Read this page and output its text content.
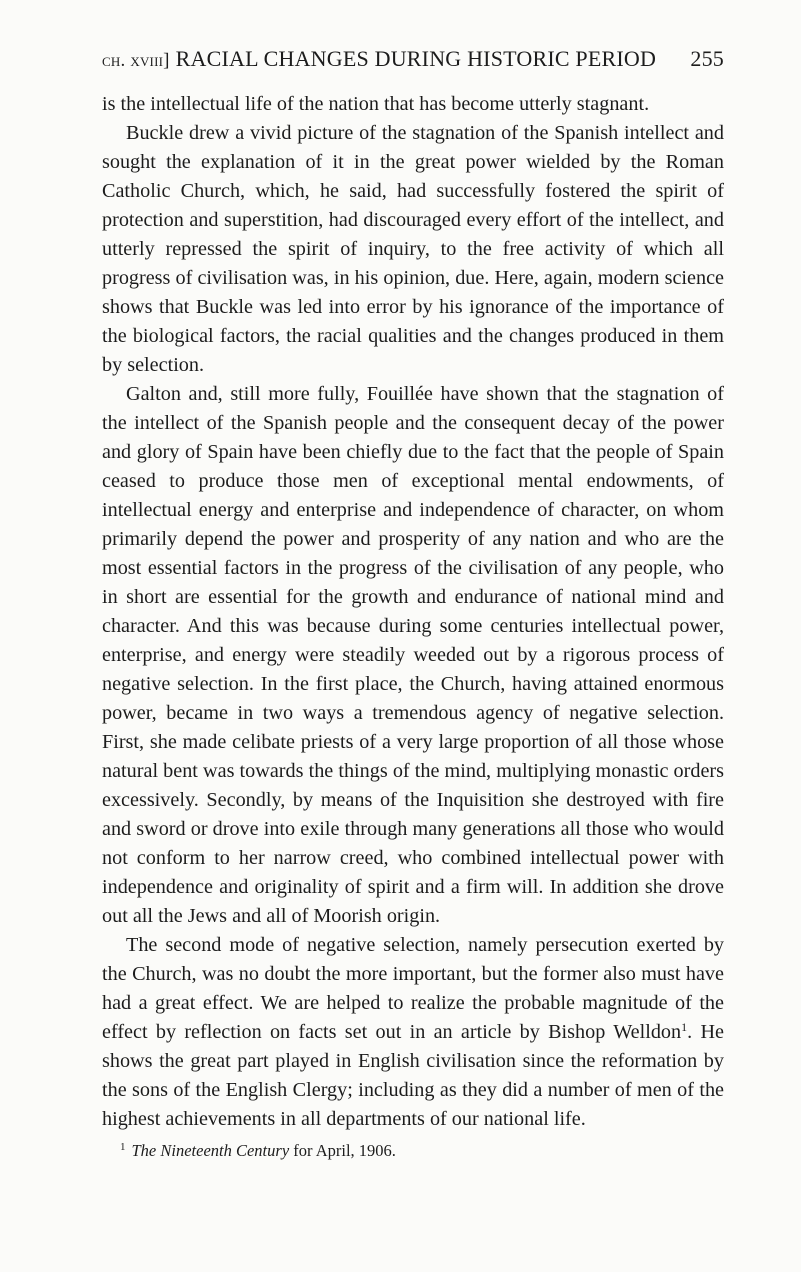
ch. xviii] RACIAL CHANGES DURING HISTORIC PERIOD	255

is the intellectual life of the nation that has become utterly stagnant.

Buckle drew a vivid picture of the stagnation of the Spanish intellect and sought the explanation of it in the great power wielded by the Roman Catholic Church, which, he said, had successfully fostered the spirit of protection and superstition, had discouraged every effort of the intellect, and utterly repressed the spirit of inquiry, to the free activity of which all progress of civilisation was, in his opinion, due. Here, again, modern science shows that Buckle was led into error by his ignorance of the importance of the biological factors, the racial qualities and the changes produced in them by selection.

Galton and, still more fully, Fouillée have shown that the stagnation of the intellect of the Spanish people and the consequent decay of the power and glory of Spain have been chiefly due to the fact that the people of Spain ceased to produce those men of exceptional mental endowments, of intellectual energy and enterprise and independence of character, on whom primarily depend the power and prosperity of any nation and who are the most essential factors in the progress of the civilisation of any people, who in short are essential for the growth and endurance of national mind and character. And this was because during some centuries intellectual power, enterprise, and energy were steadily weeded out by a rigorous process of negative selection. In the first place, the Church, having attained enormous power, became in two ways a tremendous agency of negative selection. First, she made celibate priests of a very large proportion of all those whose natural bent was towards the things of the mind, multiplying monastic orders excessively. Secondly, by means of the Inquisition she destroyed with fire and sword or drove into exile through many generations all those who would not conform to her narrow creed, who combined intellectual power with independence and originality of spirit and a firm will. In addition she drove out all the Jews and all of Moorish origin.

The second mode of negative selection, namely persecution exerted by the Church, was no doubt the more important, but the former also must have had a great effect. We are helped to realize the probable magnitude of the effect by reflection on facts set out in an article by Bishop Welldon$^1$. He shows the great part played in English civilisation since the reformation by the sons of the English Clergy; including as they did a number of men of the highest achievements in all departments of our national life.

$^1$ The Nineteenth Century for April, 1906.
